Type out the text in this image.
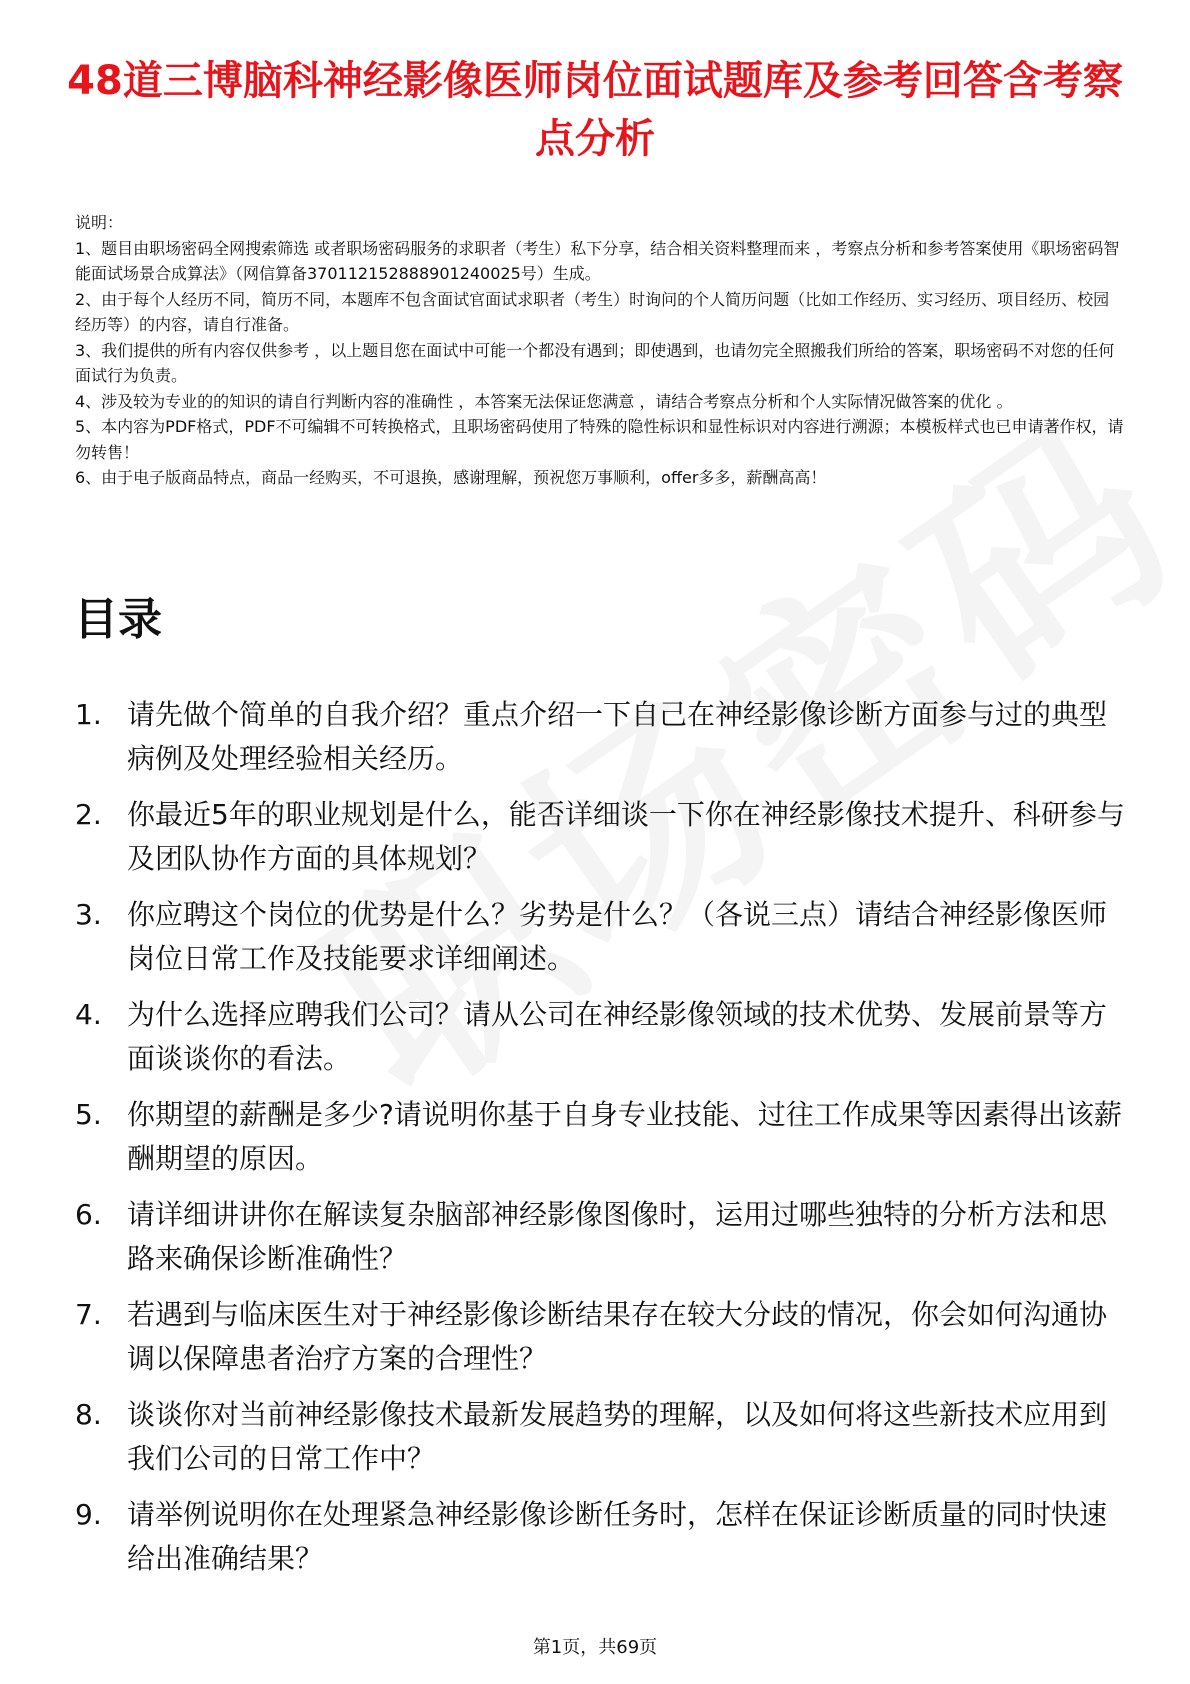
48道三博脑科神经影像医师岗位面试题库及参考回答含考察点分析

说明：

1、题目由职场密码全网搜索筛选 或者职场密码服务的求职者（考生）私下分享，结合相关资料整理而来 ，考察点分析和参考答案使用《职场密码智能面试场景合成算法》（网信算备370112152888901240025号）生成。

2、由于每个人经历不同，简历不同，本题库不包含面试官面试求职者（考生）时询问的个人简历问题（比如工作经历、实习经历、项目经历、校园经历等）的内容，请自行准备。

3、我们提供的所有内容仅供参考 ，以上题目您在面试中可能一个都没有遇到；即使遇到，也请勿完全照搬我们所给的答案，职场密码不对您的任何面试行为负责。

4、涉及较为专业的的知识的请自行判断内容的准确性 ，本答案无法保证您满意 ，请结合考察点分析和个人实际情况做答案的优化 。

5、本内容为PDF格式，PDF不可编辑不可转换格式，且职场密码使用了特殊的隐性标识和显性标识对内容进行溯源；本模板样式也已申请著作权，请勿转售！

6、由于电子版商品特点，商品一经购买，不可退换，感谢理解，预祝您万事顺利，offer多多，薪酬高高！

目录
1. 请先做个简单的自我介绍？重点介绍一下自己在神经影像诊断方面参与过的典型病例及处理经验相关经历。
2. 你最近5年的职业规划是什么，能否详细谈一下你在神经影像技术提升、科研参与及团队协作方面的具体规划？
3. 你应聘这个岗位的优势是什么？劣势是什么？（各说三点）请结合神经影像医师岗位日常工作及技能要求详细阐述。
4. 为什么选择应聘我们公司？请从公司在神经影像领域的技术优势、发展前景等方面谈谈你的看法。
5. 你期望的薪酬是多少?请说明你基于自身专业技能、过往工作成果等因素得出该薪酬期望的原因。
6. 请详细讲讲你在解读复杂脑部神经影像图像时，运用过哪些独特的分析方法和思路来确保诊断准确性？
7. 若遇到与临床医生对于神经影像诊断结果存在较大分歧的情况，你会如何沟通协调以保障患者治疗方案的合理性？
8. 谈谈你对当前神经影像技术最新发展趋势的理解，以及如何将这些新技术应用到我们公司的日常工作中？
9. 请举例说明你在处理紧急神经影像诊断任务时，怎样在保证诊断质量的同时快速给出准确结果？
第1页，共69页
